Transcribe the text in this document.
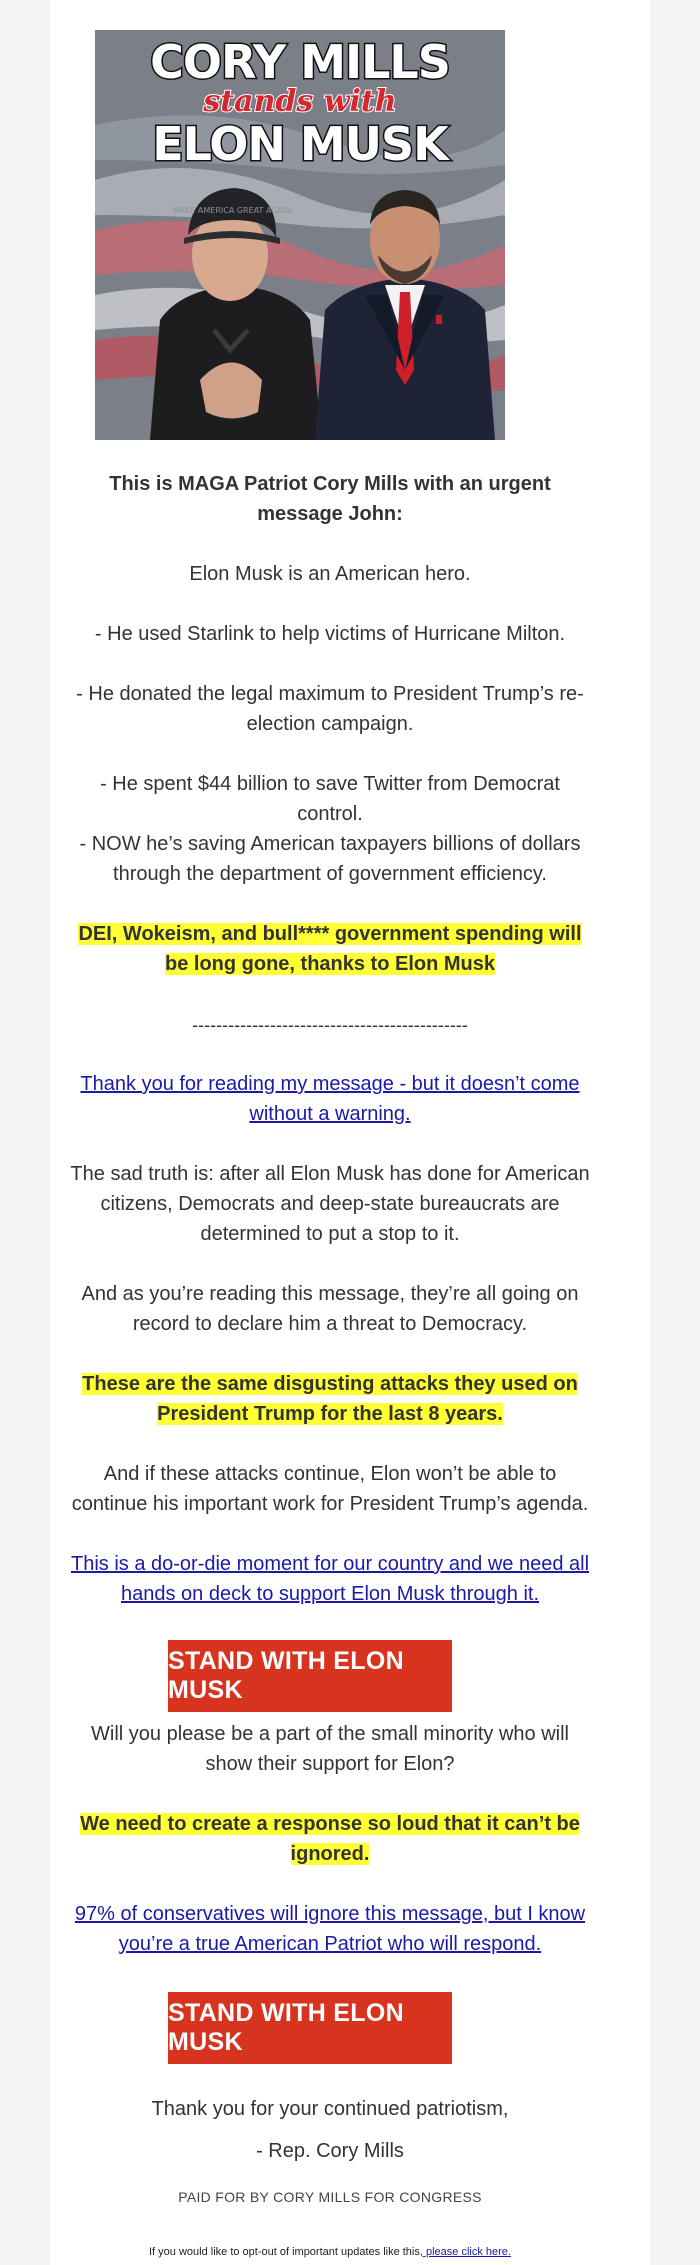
MAKE AMERICA GREAT AGAIN
CORY MILLS
stands with
ELON MUSK

This is MAGA Patriot Cory Mills with an urgent message John:

Elon Musk is an American hero.

- He used Starlink to help victims of Hurricane Milton.

- He donated the legal maximum to President Trump’s re-election campaign.

- He spent $44 billion to save Twitter from Democrat control.

- NOW he’s saving American taxpayers billions of dollars through the department of government efficiency.

DEI, Wokeism, and bull**** government spending will be long gone, thanks to Elon Musk

----------------------------------------------

Thank you for reading my message - but it doesn’t come without a warning.

The sad truth is: after all Elon Musk has done for American citizens, Democrats and deep-state bureaucrats are determined to put a stop to it.

And as you’re reading this message, they’re all going on record to declare him a threat to Democracy.

These are the same disgusting attacks they used on President Trump for the last 8 years.

And if these attacks continue, Elon won’t be able to continue his important work for President Trump’s agenda.

This is a do-or-die moment for our country and we need all hands on deck to support Elon Musk through it.

STAND WITH ELON MUSK

Will you please be a part of the small minority who will show their support for Elon?

We need to create a response so loud that it can’t be ignored.

97% of conservatives will ignore this message, but I know you’re a true American Patriot who will respond.

STAND WITH ELON MUSK

Thank you for your continued patriotism,

- Rep. Cory Mills

PAID FOR BY CORY MILLS FOR CONGRESS
If you would like to opt-out of important updates like this, please click here.
